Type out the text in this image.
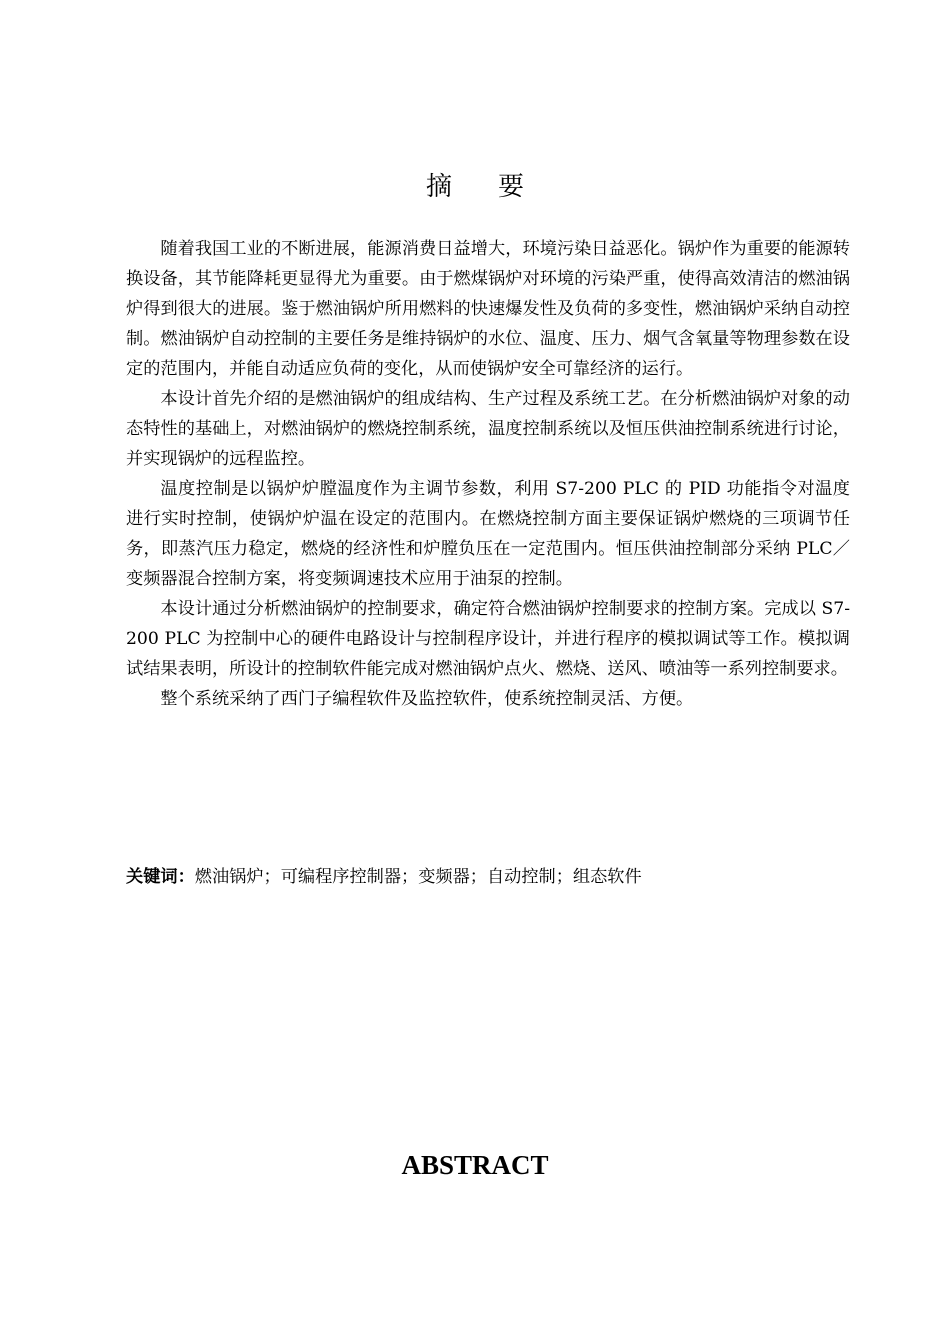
摘要

随着我国工业的不断进展，能源消费日益增大，环境污染日益恶化。锅炉作为重要的能源转换设备，其节能降耗更显得尤为重要。由于燃煤锅炉对环境的污染严重，使得高效清洁的燃油锅炉得到很大的进展。鉴于燃油锅炉所用燃料的快速爆发性及负荷的多变性，燃油锅炉采纳自动控制。燃油锅炉自动控制的主要任务是维持锅炉的水位、温度、压力、烟气含氧量等物理参数在设定的范围内，并能自动适应负荷的变化，从而使锅炉安全可靠经济的运行。

本设计首先介绍的是燃油锅炉的组成结构、生产过程及系统工艺。在分析燃油锅炉对象的动态特性的基础上，对燃油锅炉的燃烧控制系统，温度控制系统以及恒压供油控制系统进行讨论，并实现锅炉的远程监控。

温度控制是以锅炉炉膛温度作为主调节参数，利用 S7-200 PLC 的 PID 功能指令对温度进行实时控制，使锅炉炉温在设定的范围内。在燃烧控制方面主要保证锅炉燃烧的三项调节任务，即蒸汽压力稳定，燃烧的经济性和炉膛负压在一定范围内。恒压供油控制部分采纳 PLC／变频器混合控制方案，将变频调速技术应用于油泵的控制。

本设计通过分析燃油锅炉的控制要求，确定符合燃油锅炉控制要求的控制方案。完成以 S7-200 PLC 为控制中心的硬件电路设计与控制程序设计，并进行程序的模拟调试等工作。模拟调试结果表明，所设计的控制软件能完成对燃油锅炉点火、燃烧、送风、喷油等一系列控制要求。

整个系统采纳了西门子编程软件及监控软件，使系统控制灵活、方便。

关键词：燃油锅炉；可编程序控制器；变频器；自动控制；组态软件
ABSTRACT
